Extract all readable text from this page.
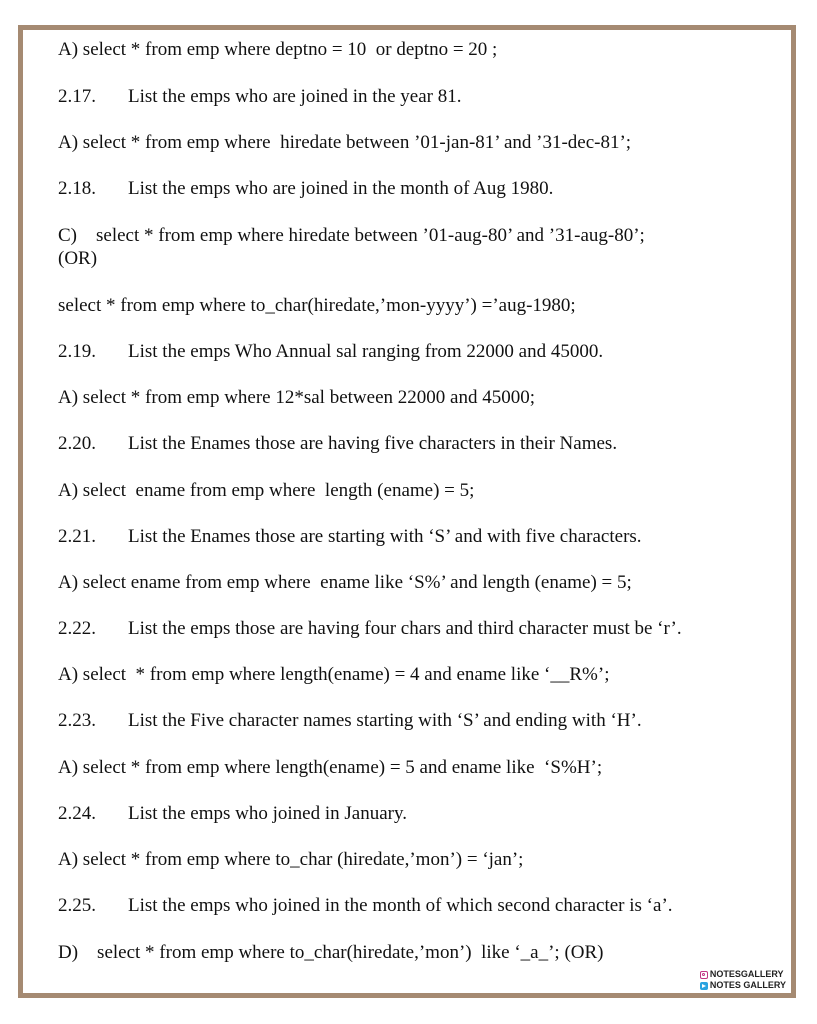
A) select * from emp where deptno = 10  or deptno = 20 ;
2.17. List the emps who are joined in the year 81.
A) select * from emp where  hiredate between ’01-jan-81’ and ’31-dec-81’;
2.18. List the emps who are joined in the month of Aug 1980.
C)    select * from emp where hiredate between ’01-aug-80’ and ’31-aug-80’;
(OR)
select * from emp where to_char(hiredate,’mon-yyyy’) =’aug-1980;
2.19. List the emps Who Annual sal ranging from 22000 and 45000.
A) select * from emp where 12*sal between 22000 and 45000;
2.20. List the Enames those are having five characters in their Names.
A) select  ename from emp where  length (ename) = 5;
2.21. List the Enames those are starting with ‘S’ and with five characters.
A) select ename from emp where  ename like ‘S%’ and length (ename) = 5;
2.22. List the emps those are having four chars and third character must be ‘r’.
A) select  * from emp where length(ename) = 4 and ename like ‘__R%’;
2.23. List the Five character names starting with ‘S’ and ending with ‘H’.
A) select * from emp where length(ename) = 5 and ename like  ‘S%H’;
2.24. List the emps who joined in January.
A) select * from emp where to_char (hiredate,’mon’) = ‘jan’;
2.25. List the emps who joined in the month of which second character is ‘a’.
D)    select * from emp where to_char(hiredate,’mon’)  like ‘_a_’; (OR)
NOTESGALLERY
NOTES GALLERY
